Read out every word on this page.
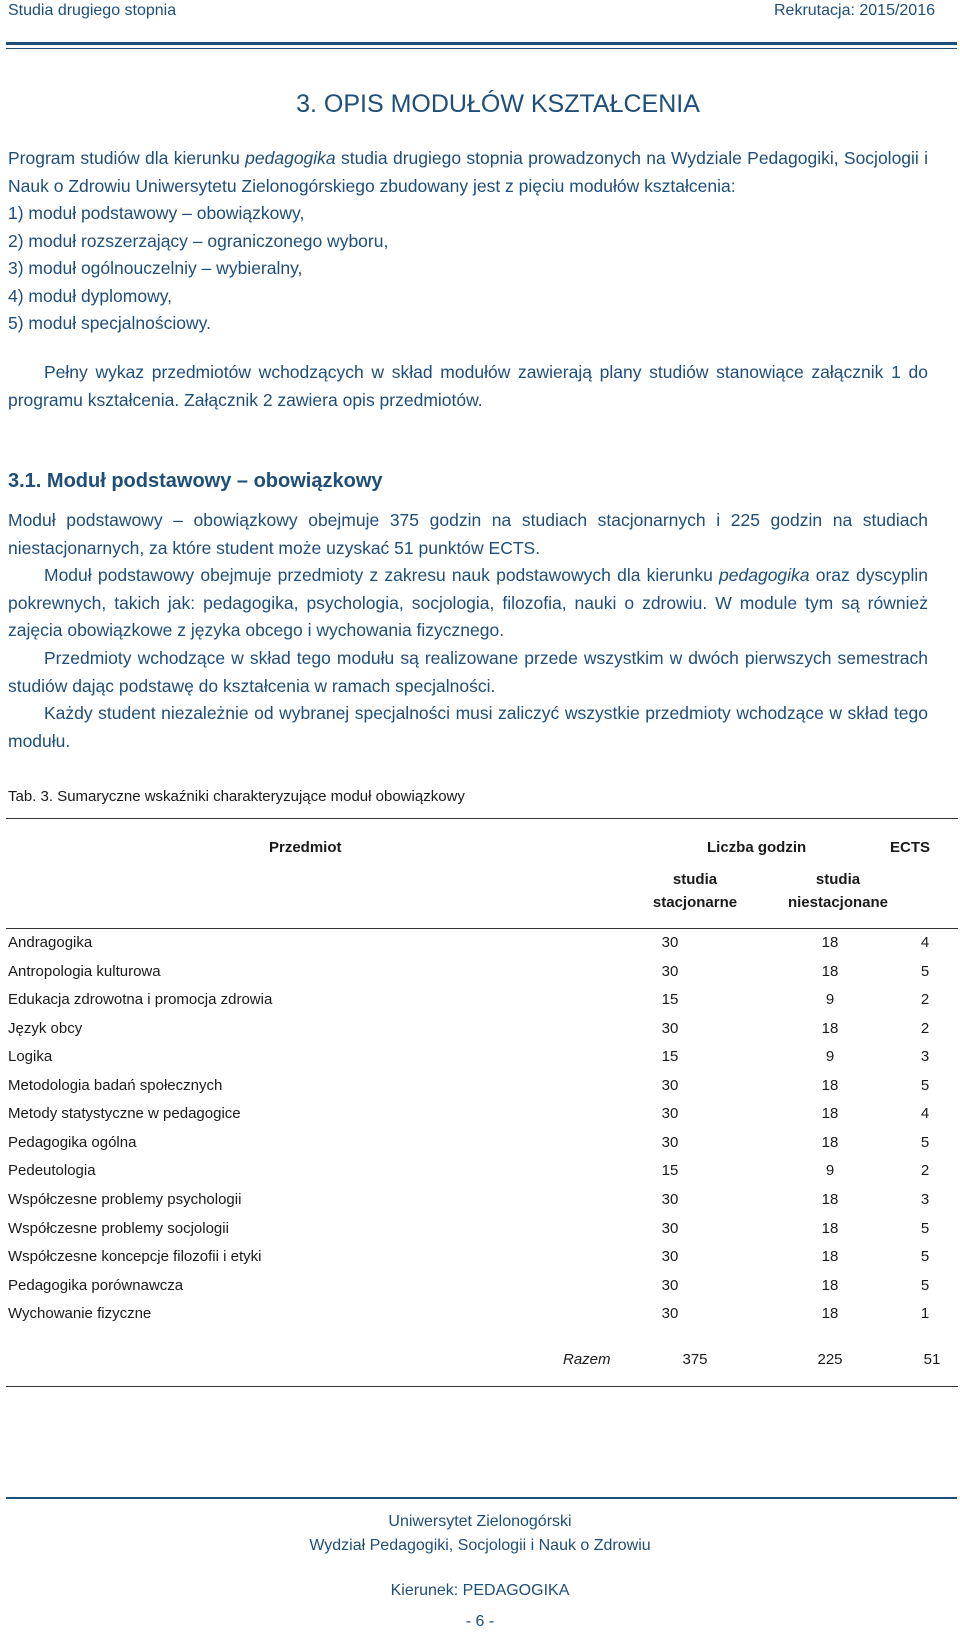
Studia drugiego stopnia	Rekrutacja: 2015/2016
3. OPIS MODUŁÓW KSZTAŁCENIA
Program studiów dla kierunku pedagogika studia drugiego stopnia prowadzonych na Wydziale Pedagogiki, Socjologii i Nauk o Zdrowiu Uniwersytetu Zielonogórskiego zbudowany jest z pięciu modułów kształcenia:
1) moduł podstawowy – obowiązkowy,
2) moduł rozszerzający – ograniczonego wyboru,
3) moduł ogólnouczelniy – wybieralny,
4) moduł dyplomowy,
5) moduł specjalnościowy.
Pełny wykaz przedmiotów wchodzących w skład modułów zawierają plany studiów stanowiące załącznik 1 do programu kształcenia. Załącznik 2 zawiera opis przedmiotów.
3.1. Moduł podstawowy – obowiązkowy
Moduł podstawowy – obowiązkowy obejmuje 375 godzin na studiach stacjonarnych i 225 godzin na studiach niestacjonarnych, za które student może uzyskać 51 punktów ECTS.
Moduł podstawowy obejmuje przedmioty z zakresu nauk podstawowych dla kierunku pedagogika oraz dyscyplin pokrewnych, takich jak: pedagogika, psychologia, socjologia, filozofia, nauki o zdrowiu. W module tym są również zajęcia obowiązkowe z języka obcego i wychowania fizycznego.
Przedmioty wchodzące w skład tego modułu są realizowane przede wszystkim w dwóch pierwszych semestrach studiów dając podstawę do kształcenia w ramach specjalności.
Każdy student niezależnie od wybranej specjalności musi zaliczyć wszystkie przedmioty wchodzące w skład tego modułu.
Tab. 3. Sumaryczne wskaźniki charakteryzujące moduł obowiązkowy
Przedmiot	Liczba godzin	ECTS
studia stacjonarne
studia niestacjonane
Andragogika	30	18	4
Antropologia kulturowa	30	18	5
Edukacja zdrowotna i promocja zdrowia	15	9	2
Język obcy	30	18	2
Logika	15	9	3
Metodologia badań społecznych	30	18	5
Metody statystyczne w pedagogice	30	18	4
Pedagogika ogólna	30	18	5
Pedeutologia	15	9	2
Współczesne problemy psychologii	30	18	3
Współczesne problemy socjologii	30	18	5
Współczesne koncepcje filozofii i etyki	30	18	5
Pedagogika porównawcza	30	18	5
Wychowanie fizyczne	30	18	1
Razem	375	225	51
Uniwersytet Zielonogórski
Wydział Pedagogiki, Socjologii i Nauk o Zdrowiu
Kierunek: PEDAGOGIKA
- 6 -
